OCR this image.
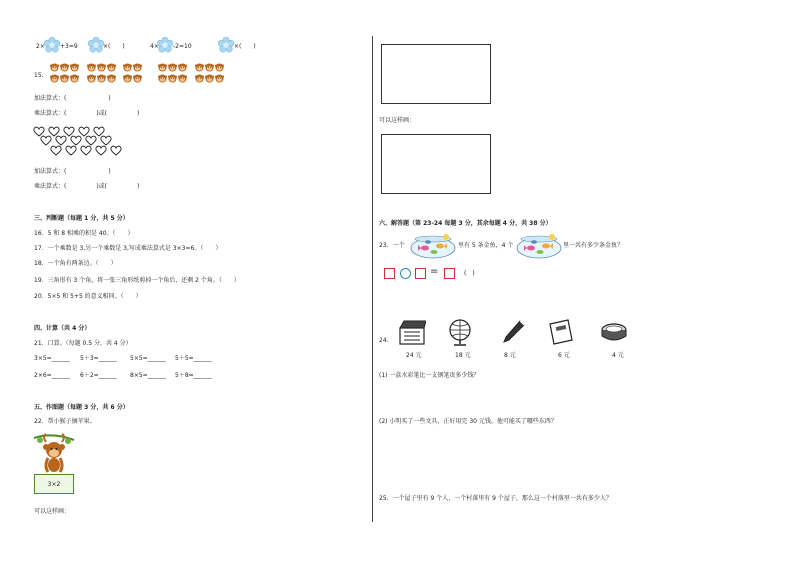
2×	+3=9	×(　　)	4× -2=10	×(　　)
15.
加法算式：(　　　　　　　)
乘法算式：(　　　　　)或(　　　　　)
加法算式：(　　　　　　　)
乘法算式：(　　　　　)或(　　　　　)
三、判断题（每题 1 分，共 5 分）
16．5 和 8 相乘的积是 40。（　　）
17．一个乘数是 3,另一个乘数是 3,写成乘法算式是 3×3=6。（　　）
18．一个角有两条边。（　　）
19．三角形有 3 个角，将一张三角形纸剪掉一个角后，还剩 2 个角。（　　）
20．5×5 和 5+5 的意义相同。（　　）
四、计算（共 4 分）
21．口算。（每题 0.5 分，共 4 分）
3×5=______ 5＋3=______ 5×5=______ 5＋5=______
2×6=______ 6＋2=______ 8×5=______ 5＋8=______
五、作图题（每题 3 分，共 6 分）
22．帮小猴子摘苹果。
3×2
可以这样画：
可以这样画：
六、解答题（第 23-24 每题 3 分，其余每题 4 分，共 38 分）
23．一个	里有 5 条金鱼，4 个	里一共有多少条金鱼？
=	(　)
24.
24 元	18 元	8 元	6 元	4 元
(1) 一盒水彩笔比一支钢笔贵多少钱？
(2) 小明买了一些文具，正好用完 30 元钱。他可能买了哪些东西？
25．一个屋子里有 9 个人，一个村落里有 9 个屋子，那么这一个村落里一共有多少人？
